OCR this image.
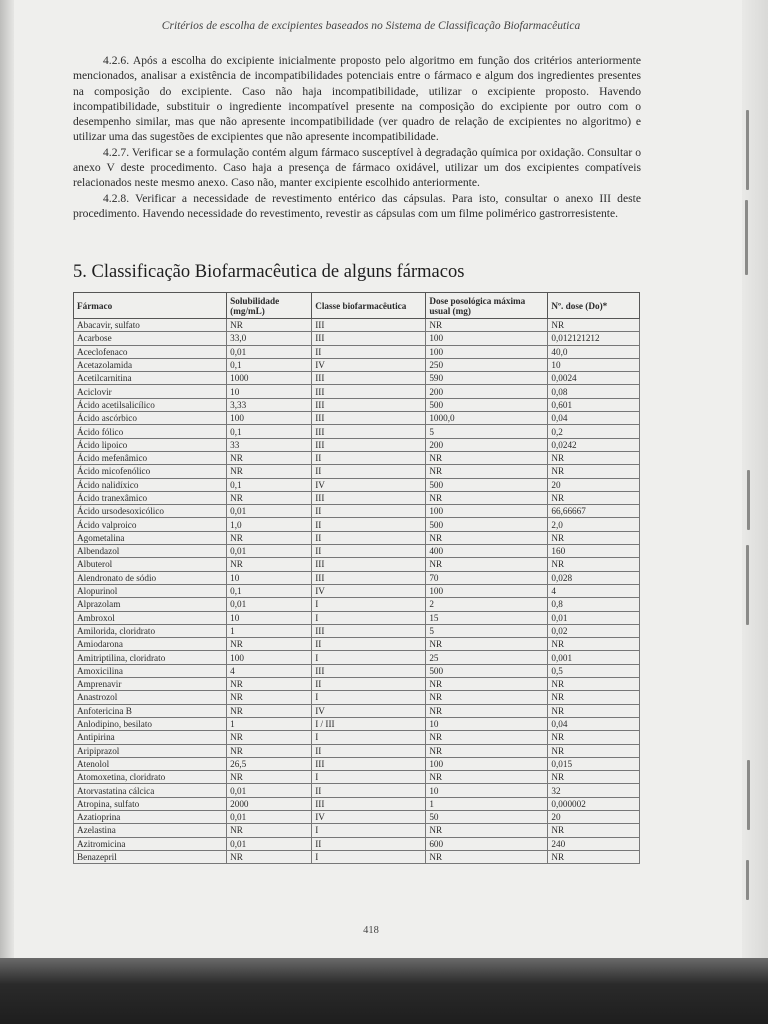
Critérios de escolha de excipientes baseados no Sistema de Classificação Biofarmacêutica

4.2.6. Após a escolha do excipiente inicialmente proposto pelo algoritmo em função dos critérios anteriormente mencionados, analisar a existência de incompatibilidades potenciais entre o fármaco e algum dos ingredientes presentes na composição do excipiente. Caso não haja incompatibilidade, utilizar o excipiente proposto. Havendo incompatibilidade, substituir o ingrediente incompatível presente na composição do excipiente por outro com o desempenho similar, mas que não apresente incompatibilidade (ver quadro de relação de excipientes no algoritmo) e utilizar uma das sugestões de excipientes que não apresente incompatibilidade.

4.2.7. Verificar se a formulação contém algum fármaco susceptível à degradação química por oxidação. Consultar o anexo V deste procedimento. Caso haja a presença de fármaco oxidável, utilizar um dos excipientes compatíveis relacionados neste mesmo anexo. Caso não, manter excipiente escolhido anteriormente.

4.2.8. Verificar a necessidade de revestimento entérico das cápsulas. Para isto, consultar o anexo III deste procedimento. Havendo necessidade do revestimento, revestir as cápsulas com um filme polimérico gastrorresistente.

5. Classificação Biofarmacêutica de alguns fármacos
Fármaco	Solubilidade (mg/mL)	Classe biofarmacêutica	Dose posológica máxima usual (mg)	Nº. dose (Do)*
Abacavir, sulfato	NR	III	NR	NR
Acarbose	33,0	III	100	0,012121212
Aceclofenaco	0,01	II	100	40,0
Acetazolamida	0,1	IV	250	10
Acetilcarnitina	1000	III	590	0,0024
Aciclovir	10	III	200	0,08
Ácido acetilsalicílico	3,33	III	500	0,601
Ácido ascórbico	100	III	1000,0	0,04
Ácido fólico	0,1	III	5	0,2
Ácido lipoico	33	III	200	0,0242
Ácido mefenâmico	NR	II	NR	NR
Ácido micofenólico	NR	II	NR	NR
Ácido nalidíxico	0,1	IV	500	20
Ácido tranexâmico	NR	III	NR	NR
Ácido ursodesoxicólico	0,01	II	100	66,66667
Ácido valproico	1,0	II	500	2,0
Agometalina	NR	II	NR	NR
Albendazol	0,01	II	400	160
Albuterol	NR	III	NR	NR
Alendronato de sódio	10	III	70	0,028
Alopurinol	0,1	IV	100	4
Alprazolam	0,01	I	2	0,8
Ambroxol	10	I	15	0,01
Amilorida, cloridrato	1	III	5	0,02
Amiodarona	NR	II	NR	NR
Amitriptilina, cloridrato	100	I	25	0,001
Amoxicilina	4	III	500	0,5
Amprenavir	NR	II	NR	NR
Anastrozol	NR	I	NR	NR
Anfotericina B	NR	IV	NR	NR
Anlodipino, besilato	1	I / III	10	0,04
Antipirina	NR	I	NR	NR
Aripiprazol	NR	II	NR	NR
Atenolol	26,5	III	100	0,015
Atomoxetina, cloridrato	NR	I	NR	NR
Atorvastatina cálcica	0,01	II	10	32
Atropina, sulfato	2000	III	1	0,000002
Azatioprina	0,01	IV	50	20
Azelastina	NR	I	NR	NR
Azitromicina	0,01	II	600	240
Benazepril	NR	I	NR	NR
418
